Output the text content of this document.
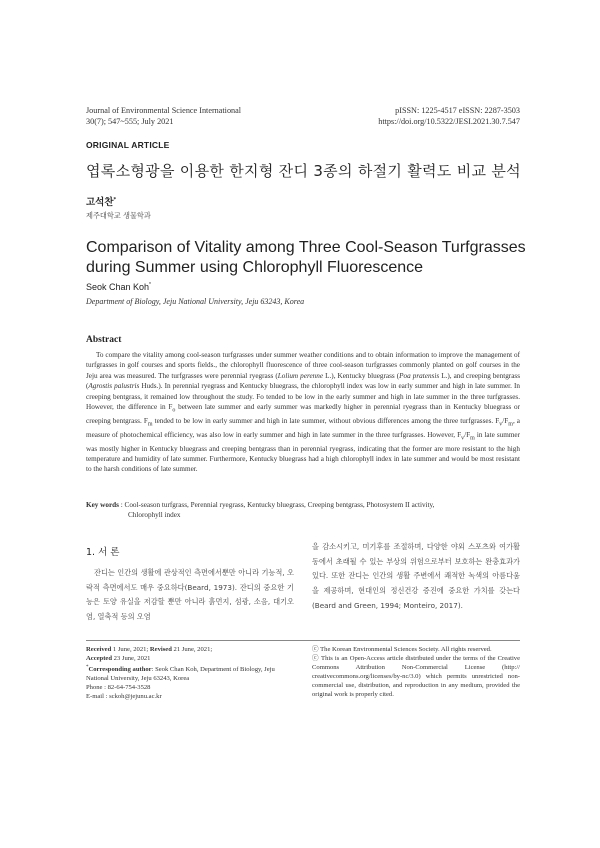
Journal of Environmental Science International
30(7); 547~555; July 2021
pISSN: 1225-4517 eISSN: 2287-3503
https://doi.org/10.5322/JESI.2021.30.7.547
ORIGINAL ARTICLE
엽록소형광을 이용한 한지형 잔디 3종의 하절기 활력도 비교 분석
고석찬*
제주대학교 생물학과
Comparison of Vitality among Three Cool-Season Turfgrasses
during Summer using Chlorophyll Fluorescence
Seok Chan Koh*
Department of Biology, Jeju National University, Jeju 63243, Korea
Abstract

To compare the vitality among cool-season turfgrasses under summer weather conditions and to obtain information to improve the management of turfgrasses in golf courses and sports fields., the chlorophyll fluorescence of three cool-season turfgrasses commonly planted on golf courses in the Jeju area was measured. The turfgrasses were perennial ryegrass (Lolium perenne L.), Kentucky bluegrass (Poa pratensis L.), and creeping bentgrass (Agrostis palustris Huds.). In perennial ryegrass and Kentucky bluegrass, the chlorophyll index was low in early summer and high in late summer. In creeping bentgrass, it remained low throughout the study. Fo tended to be low in the early summer and high in late summer in the three turfgrasses. However, the difference in $F_o$ between late summer and early summer was markedly higher in perennial ryegrass than in Kentucky bluegrass or creeping bentgrass. $F_m$ tended to be low in early summer and high in late summer, without obvious differences among the three turfgrasses. $F_v/F_m$, a measure of photochemical efficiency, was also low in early summer and high in late summer in the three turfgrasses. However, $F_v/F_m$ in late summer was mostly higher in Kentucky bluegrass and creeping bentgrass than in perennial ryegrass, indicating that the former are more resistant to the high temperature and humidity of late summer. Furthermore, Kentucky bluegrass had a high chlorophyll index in late summer and would be most resistant to the harsh conditions of late summer.

Key words : Cool-season turfgrass, Perennial ryegrass, Kentucky bluegrass, Creeping bentgrass, Photosystem II activity,
Chlorophyll index
1. 서 론
잔디는 인간의 생활에 관상적인 측면에서뿐만 아니라 기능적, 오락적 측면에서도 매우 중요하다(Beard, 1973). 잔디의 중요한 기능은 토양 유실을 저감할 뿐만 아니라 흙먼지, 섬광, 소음, 대기오염, 열축적 등의 오염
을 감소시키고, 미기후를 조절하며, 다양한 야외 스포츠와 여가활동에서 초래될 수 있는 부상의 위험으로부터 보호하는 완충효과가 있다. 또한 잔디는 인간의 생활 주변에서 쾌적한 녹색의 아름다움을 제공하며, 현대인의 정신건강 증진에 중요한 가치를 갖는다(Beard and Green, 1994; Monteiro, 2017).
Received 1 June, 2021; Revised 21 June, 2021;
Accepted 23 June, 2021
*Corresponding author: Seok Chan Koh, Department of Biology, Jeju National University, Jeju 63243, Korea
Phone : 82-64-754-3528
E-mail : sckoh@jejunu.ac.kr
ⓒ The Korean Environmental Sciences Society. All rights reserved.
ⓒ This is an Open-Access article distributed under the terms of the Creative Commons Attribution Non-Commercial License (http:// creativecommons.org/licenses/by-nc/3.0) which permits unrestricted non-commercial use, distribution, and reproduction in any medium, provided the original work is properly cited.
